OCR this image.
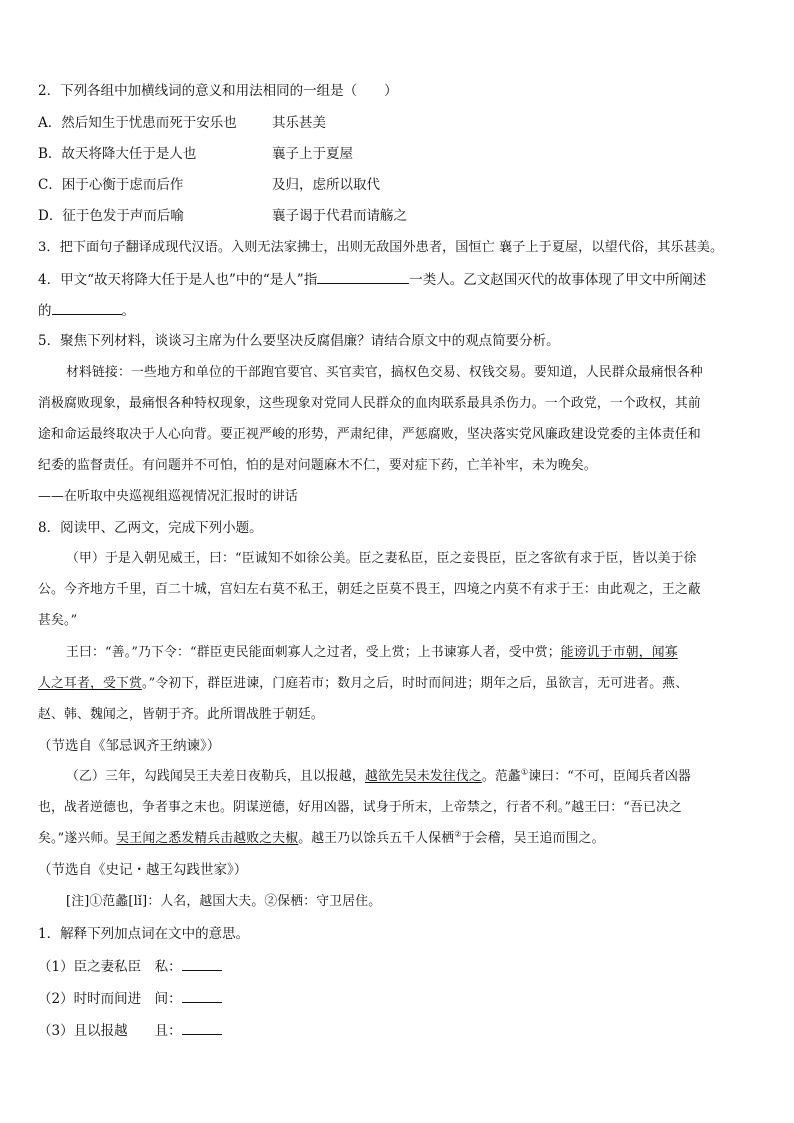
2．下列各组中加横线词的意义和用法相同的一组是（　　）
A．然后知生于忧患而死于安乐也	其乐甚美
B．故天将降大任于是人也	襄子上于夏屋
C．困于心衡于虑而后作	及归，虑所以取代
D．征于色发于声而后喻	襄子谒于代君而请觞之
3．把下面句子翻译成现代汉语。入则无法家拂士，出则无敌国外患者，国恒亡 襄子上于夏屋，以望代俗，其乐甚美。
4．甲文“故天将降大任于是人也”中的“是人”指	一类人。乙文赵国灭代的故事体现了甲文中所阐述
的	。
5．聚焦下列材料，谈谈习主席为什么要坚决反腐倡廉？请结合原文中的观点简要分析。
材料链接：一些地方和单位的干部跑官要官、买官卖官，搞权色交易、权钱交易。要知道，人民群众最痛恨各种
消极腐败现象，最痛恨各种特权现象，这些现象对党同人民群众的血肉联系最具杀伤力。一个政党，一个政权，其前
途和命运最终取决于人心向背。要正视严峻的形势，严肃纪律，严惩腐败，坚决落实党风廉政建设党委的主体责任和
纪委的监督责任。有问题并不可怕，怕的是对问题麻木不仁，要对症下药，亡羊补牢，未为晚矣。
——在听取中央巡视组巡视情况汇报时的讲话
8．阅读甲、乙两文，完成下列小题。
（甲）于是入朝见威王，曰：“臣诚知不如徐公美。臣之妻私臣，臣之妾畏臣，臣之客欲有求于臣，皆以美于徐
公。今齐地方千里，百二十城，宫妇左右莫不私王，朝廷之臣莫不畏王，四境之内莫不有求于王：由此观之，王之蔽
甚矣。”
王曰：“善。”乃下令：“群臣吏民能面刺寡人之过者，受上赏；上书谏寡人者，受中赏；能谤讥于市朝，闻寡
人之耳者，受下赏。”令初下，群臣进谏，门庭若市；数月之后，时时而间进；期年之后，虽欲言，无可进者。燕、
赵、韩、魏闻之，皆朝于齐。此所谓战胜于朝廷。
（节选自《邹忌讽齐王纳谏》）
（乙）三年，勾践闻吴王夫差日夜勒兵，且以报越，越欲先吴未发往伐之。范蠡①谏曰：“不可，臣闻兵者凶器
也，战者逆德也，争者事之末也。阴谋逆德，好用凶器，试身于所末，上帝禁之，行者不利。”越王曰：“吾已决之
矣。”遂兴师。吴王闻之悉发精兵击越败之夫椒。越王乃以馀兵五千人保栖②于会稽，吴王追而围之。
（节选自《史记・越王勾践世家》）
[注]①范蠡[lǐ]：人名，越国大夫。②保栖：守卫居住。
1．解释下列加点词在文中的意思。
（1）臣之妻私臣　私：
（2）时时而间进　间：
（3）且以报越　　且：
